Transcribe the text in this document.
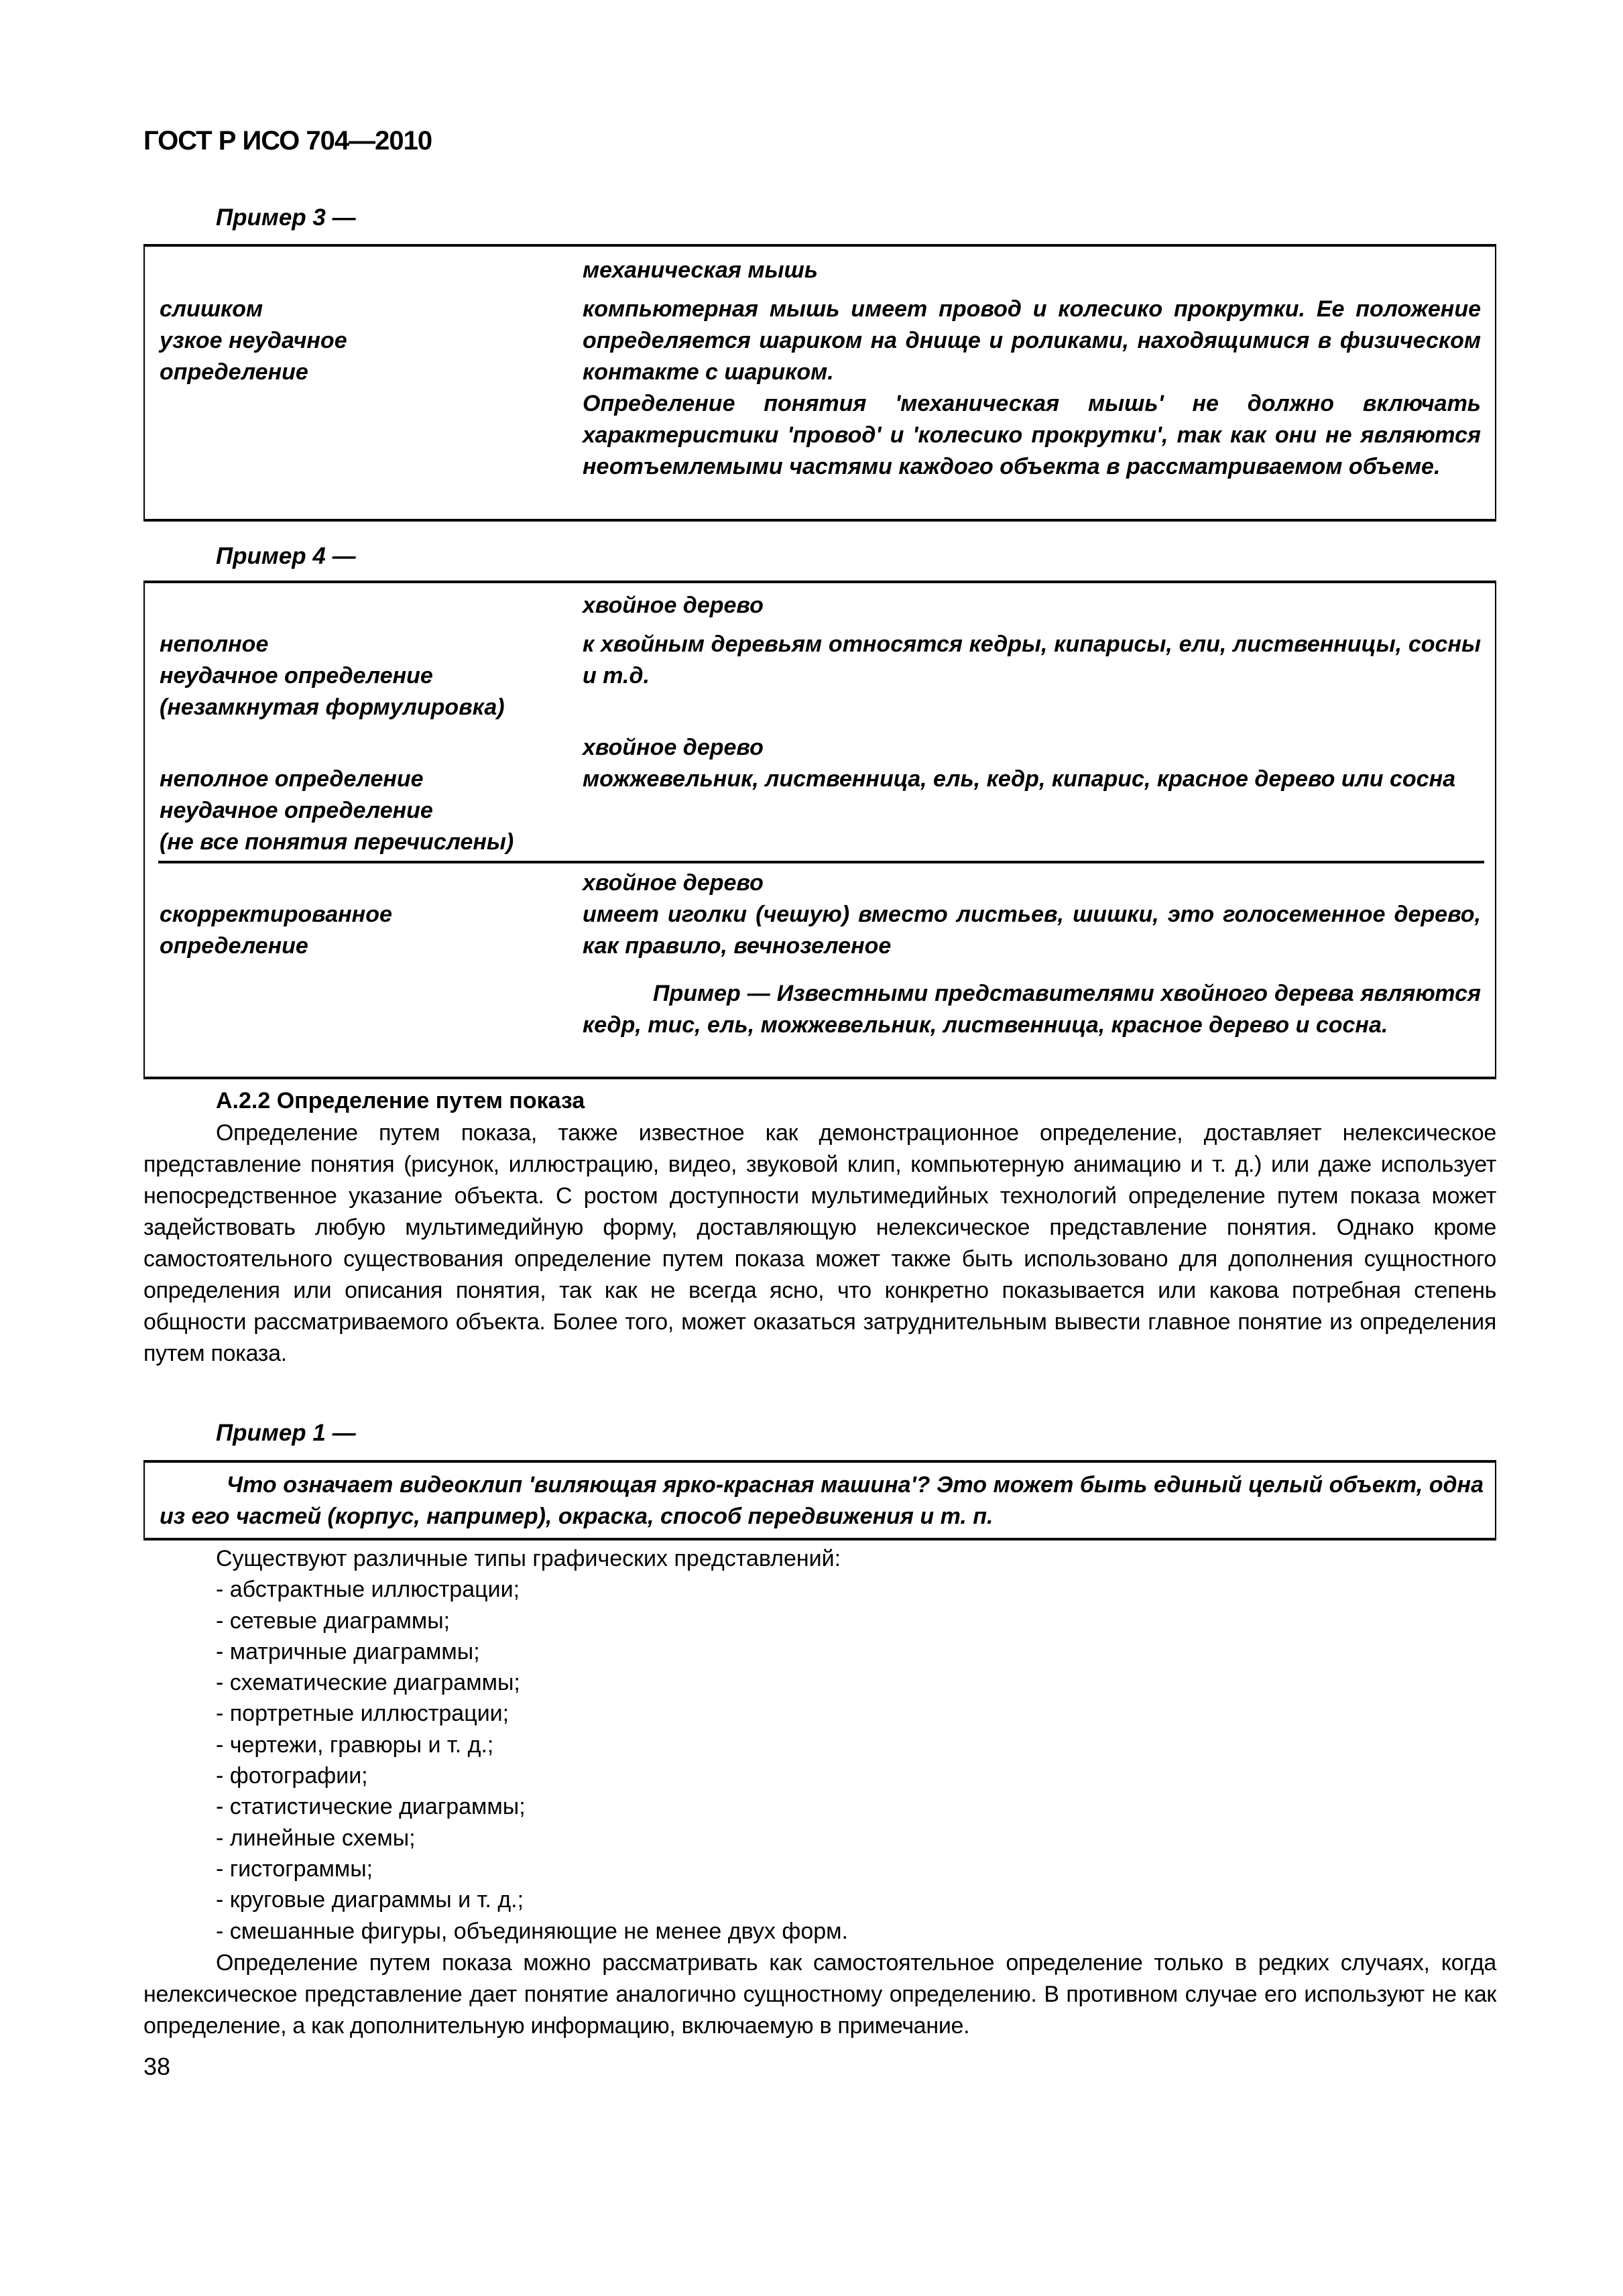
ГОСТ Р ИСО 704—2010
Пример 3 —
механическая мышь
слишком
узкое неудачное
определение
компьютерная мышь имеет провод и колесико прокрутки. Ее положение определяется шариком на днище и роликами, находящимися в физическом контакте с шариком.
Определение понятия 'механическая мышь' не должно включать характеристики 'провод' и 'колесико прокрутки', так как они не являются неотъемлемыми частями каждого объекта в рассматриваемом объеме.
Пример 4 —
хвойное дерево
неполное
неудачное определение
(незамкнутая формулировка)
к хвойным деревьям относятся кедры, кипарисы, ели, лиственницы, сосны и т.д.
хвойное дерево
неполное определение
неудачное определение
(не все понятия перечислены)
можжевельник, лиственница, ель, кедр, кипарис, красное дерево или сосна
хвойное дерево
скорректированное
определение
имеет иголки (чешую) вместо листьев, шишки, это голосеменное дерево, как правило, вечнозеленое
Пример — Известными представителями хвойного дерева являются кедр, тис, ель, можжевельник, лиственница, красное дерево и сосна.
А.2.2 Определение путем показа
Определение путем показа, также известное как демонстрационное определение, доставляет нелексическое представление понятия (рисунок, иллюстрацию, видео, звуковой клип, компьютерную анимацию и т. д.) или даже использует непосредственное указание объекта. С ростом доступности мультимедийных технологий определение путем показа может задействовать любую мультимедийную форму, доставляющую нелексическое представление понятия. Однако кроме самостоятельного существования определение путем показа может также быть использовано для дополнения сущностного определения или описания понятия, так как не всегда ясно, что конкретно показывается или какова потребная степень общности рассматриваемого объекта. Более того, может оказаться затруднительным вывести главное понятие из определения путем показа.
Пример 1 —
Что означает видеоклип 'виляющая ярко-красная машина'? Это может быть единый целый объект, одна из его частей (корпус, например), окраска, способ передвижения и т. п.
Существуют различные типы графических представлений:
- абстрактные иллюстрации;
- сетевые диаграммы;
- матричные диаграммы;
- схематические диаграммы;
- портретные иллюстрации;
- чертежи, гравюры и т. д.;
- фотографии;
- статистические диаграммы;
- линейные схемы;
- гистограммы;
- круговые диаграммы и т. д.;
- смешанные фигуры, объединяющие не менее двух форм.
Определение путем показа можно рассматривать как самостоятельное определение только в редких случаях, когда нелексическое представление дает понятие аналогично сущностному определению. В противном случае его используют не как определение, а как дополнительную информацию, включаемую в примечание.
38
